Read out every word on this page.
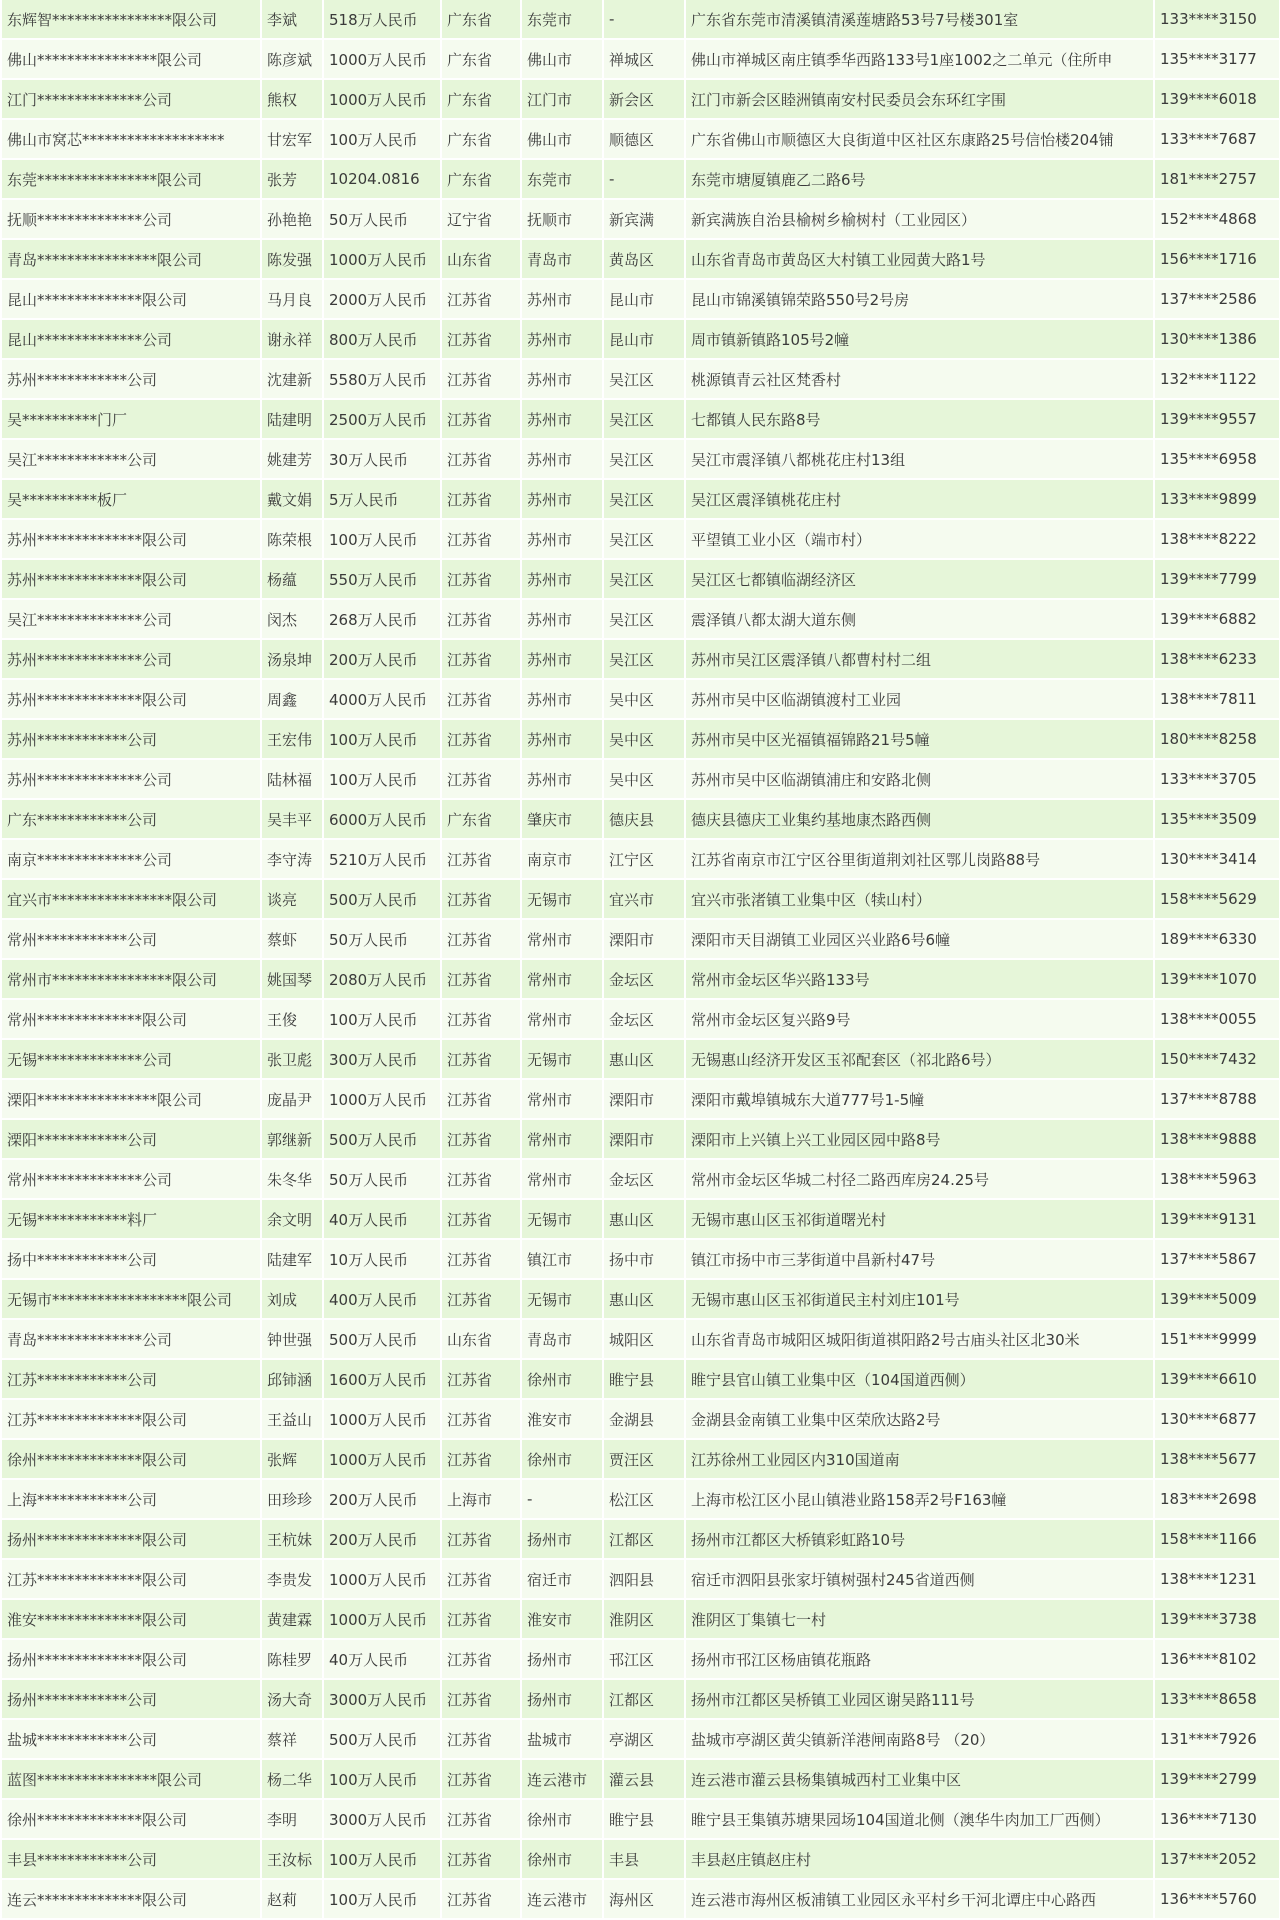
东辉智****************限公司	李斌	518万人民币	广东省	东莞市	-	广东省东莞市清溪镇清溪莲塘路53号7号楼301室	133****3150
佛山****************限公司	陈彦斌	1000万人民币	广东省	佛山市	禅城区	佛山市禅城区南庄镇季华西路133号1座1002之二单元（住所申	135****3177
江门**************公司	熊权	1000万人民币	广东省	江门市	新会区	江门市新会区睦洲镇南安村民委员会东环红字围	139****6018
佛山市窝芯*******************	甘宏军	100万人民币	广东省	佛山市	顺德区	广东省佛山市顺德区大良街道中区社区东康路25号信怡楼204铺	133****7687
东莞****************限公司	张芳	10204.0816	广东省	东莞市	-	东莞市塘厦镇鹿乙二路6号	181****2757
抚顺**************公司	孙艳艳	50万人民币	辽宁省	抚顺市	新宾满	新宾满族自治县榆树乡榆树村（工业园区）	152****4868
青岛****************限公司	陈发强	1000万人民币	山东省	青岛市	黄岛区	山东省青岛市黄岛区大村镇工业园黄大路1号	156****1716
昆山**************限公司	马月良	2000万人民币	江苏省	苏州市	昆山市	昆山市锦溪镇锦荣路550号2号房	137****2586
昆山**************公司	谢永祥	800万人民币	江苏省	苏州市	昆山市	周市镇新镇路105号2幢	130****1386
苏州************公司	沈建新	5580万人民币	江苏省	苏州市	吴江区	桃源镇青云社区梵香村	132****1122
吴**********门厂	陆建明	2500万人民币	江苏省	苏州市	吴江区	七都镇人民东路8号	139****9557
吴江************公司	姚建芳	30万人民币	江苏省	苏州市	吴江区	吴江市震泽镇八都桃花庄村13组	135****6958
吴**********板厂	戴文娟	5万人民币	江苏省	苏州市	吴江区	吴江区震泽镇桃花庄村	133****9899
苏州**************限公司	陈荣根	100万人民币	江苏省	苏州市	吴江区	平望镇工业小区（端市村）	138****8222
苏州**************限公司	杨蕴	550万人民币	江苏省	苏州市	吴江区	吴江区七都镇临湖经济区	139****7799
吴江**************公司	闵杰	268万人民币	江苏省	苏州市	吴江区	震泽镇八都太湖大道东侧	139****6882
苏州**************公司	汤泉坤	200万人民币	江苏省	苏州市	吴江区	苏州市吴江区震泽镇八都曹村村二组	138****6233
苏州**************限公司	周鑫	4000万人民币	江苏省	苏州市	吴中区	苏州市吴中区临湖镇渡村工业园	138****7811
苏州************公司	王宏伟	100万人民币	江苏省	苏州市	吴中区	苏州市吴中区光福镇福锦路21号5幢	180****8258
苏州**************公司	陆林福	100万人民币	江苏省	苏州市	吴中区	苏州市吴中区临湖镇浦庄和安路北侧	133****3705
广东************公司	吴丰平	6000万人民币	广东省	肇庆市	德庆县	德庆县德庆工业集约基地康杰路西侧	135****3509
南京**************公司	李守涛	5210万人民币	江苏省	南京市	江宁区	江苏省南京市江宁区谷里街道荆刘社区鄂儿岗路88号	130****3414
宜兴市****************限公司	谈亮	500万人民币	江苏省	无锡市	宜兴市	宜兴市张渚镇工业集中区（犊山村）	158****5629
常州************公司	蔡虾	50万人民币	江苏省	常州市	溧阳市	溧阳市天目湖镇工业园区兴业路6号6幢	189****6330
常州市****************限公司	姚国琴	2080万人民币	江苏省	常州市	金坛区	常州市金坛区华兴路133号	139****1070
常州**************限公司	王俊	100万人民币	江苏省	常州市	金坛区	常州市金坛区复兴路9号	138****0055
无锡**************公司	张卫彪	300万人民币	江苏省	无锡市	惠山区	无锡惠山经济开发区玉祁配套区（祁北路6号）	150****7432
溧阳****************限公司	庞晶尹	1000万人民币	江苏省	常州市	溧阳市	溧阳市戴埠镇城东大道777号1-5幢	137****8788
溧阳************公司	郭继新	500万人民币	江苏省	常州市	溧阳市	溧阳市上兴镇上兴工业园区园中路8号	138****9888
常州**************公司	朱冬华	50万人民币	江苏省	常州市	金坛区	常州市金坛区华城二村径二路西库房24.25号	138****5963
无锡************料厂	余文明	40万人民币	江苏省	无锡市	惠山区	无锡市惠山区玉祁街道曙光村	139****9131
扬中************公司	陆建军	10万人民币	江苏省	镇江市	扬中市	镇江市扬中市三茅街道中昌新村47号	137****5867
无锡市******************限公司	刘成	400万人民币	江苏省	无锡市	惠山区	无锡市惠山区玉祁街道民主村刘庄101号	139****5009
青岛**************公司	钟世强	500万人民币	山东省	青岛市	城阳区	山东省青岛市城阳区城阳街道祺阳路2号古庙头社区北30米	151****9999
江苏************公司	邱铈涵	1600万人民币	江苏省	徐州市	睢宁县	睢宁县官山镇工业集中区（104国道西侧）	139****6610
江苏**************限公司	王益山	1000万人民币	江苏省	淮安市	金湖县	金湖县金南镇工业集中区荣欣达路2号	130****6877
徐州**************限公司	张辉	1000万人民币	江苏省	徐州市	贾汪区	江苏徐州工业园区内310国道南	138****5677
上海************公司	田珍珍	200万人民币	上海市	-	松江区	上海市松江区小昆山镇港业路158弄2号F163幢	183****2698
扬州**************限公司	王杭妹	200万人民币	江苏省	扬州市	江都区	扬州市江都区大桥镇彩虹路10号	158****1166
江苏**************限公司	李贵发	1000万人民币	江苏省	宿迁市	泗阳县	宿迁市泗阳县张家圩镇树强村245省道西侧	138****1231
淮安**************限公司	黄建霖	1000万人民币	江苏省	淮安市	淮阴区	淮阴区丁集镇七一村	139****3738
扬州**************限公司	陈桂罗	40万人民币	江苏省	扬州市	邗江区	扬州市邗江区杨庙镇花瓶路	136****8102
扬州************公司	汤大奇	3000万人民币	江苏省	扬州市	江都区	扬州市江都区吴桥镇工业园区谢吴路111号	133****8658
盐城************公司	蔡祥	500万人民币	江苏省	盐城市	亭湖区	盐城市亭湖区黄尖镇新洋港闸南路8号 （20）	131****7926
蓝图****************限公司	杨二华	100万人民币	江苏省	连云港市	灌云县	连云港市灌云县杨集镇城西村工业集中区	139****2799
徐州**************限公司	李明	3000万人民币	江苏省	徐州市	睢宁县	睢宁县王集镇苏塘果园场104国道北侧（澳华牛肉加工厂西侧）	136****7130
丰县************公司	王汝标	100万人民币	江苏省	徐州市	丰县	丰县赵庄镇赵庄村	137****2052
连云**************限公司	赵莉	100万人民币	江苏省	连云港市	海州区	连云港市海州区板浦镇工业园区永平村乡干河北谭庄中心路西	136****5760
